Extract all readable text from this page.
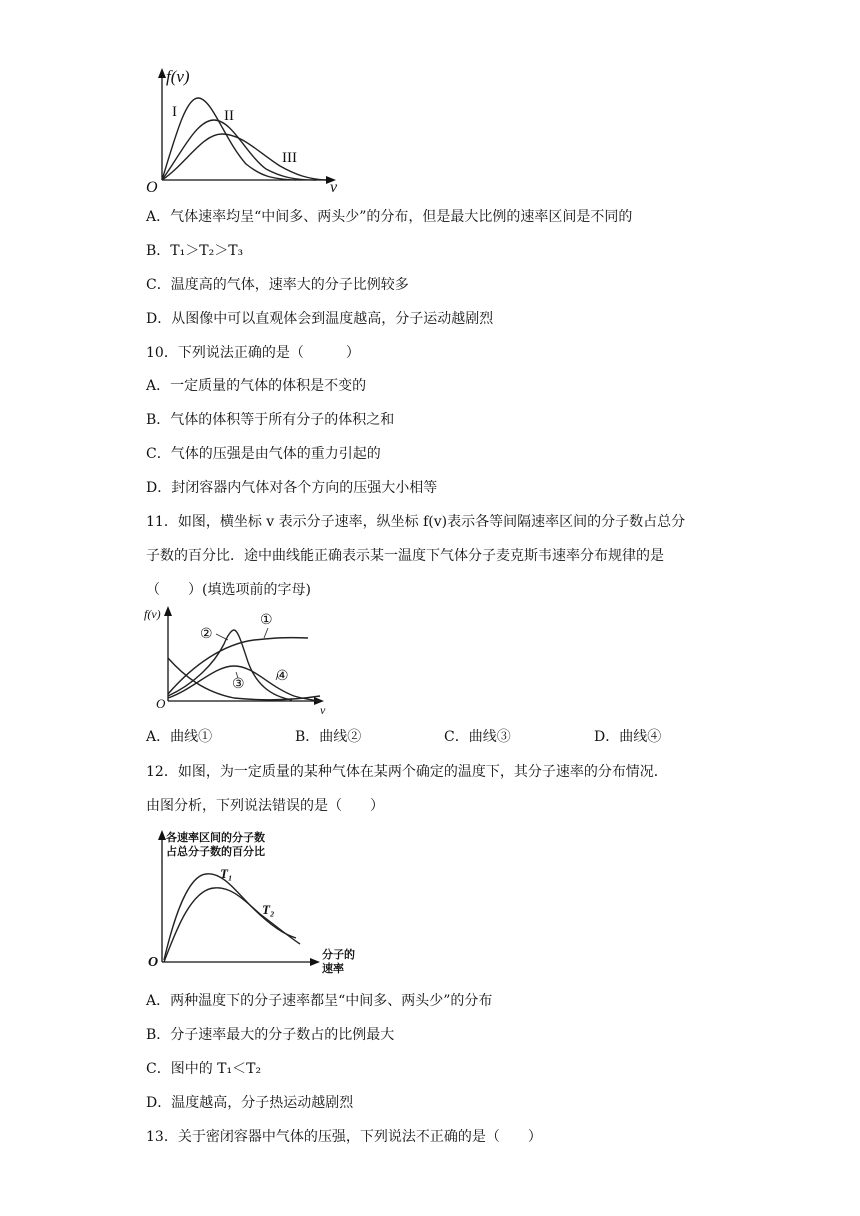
f(v)
v
O
I	II
III
A．气体速率均呈“中间多、两头少”的分布，但是最大比例的速率区间是不同的
B．T₁＞T₂＞T₃
C．温度高的气体，速率大的分子比例较多
D．从图像中可以直观体会到温度越高，分子运动越剧烈
10．下列说法正确的是（　　　）
A．一定质量的气体的体积是不变的
B．气体的体积等于所有分子的体积之和
C．气体的压强是由气体的重力引起的
D．封闭容器内气体对各个方向的压强大小相等
11．如图，横坐标 v 表示分子速率，纵坐标 f(v)表示各等间隔速率区间的分子数占总分
子数的百分比．途中曲线能正确表示某一温度下气体分子麦克斯韦速率分布规律的是
（　　）(填选项前的字母)
f(v)
v
O
①
②
③
④
A．曲线①	B．曲线②	C．曲线③	D．曲线④
12．如图，为一定质量的某种气体在某两个确定的温度下，其分子速率的分布情况．
由图分析，下列说法错误的是（　　）
各速率区间的分子数
占总分子数的百分比
分子的
速率
O
T₁
T₂
A．两种温度下的分子速率都呈“中间多、两头少”的分布
B．分子速率最大的分子数占的比例最大
C．图中的 T₁＜T₂
D．温度越高，分子热运动越剧烈
13．关于密闭容器中气体的压强，下列说法不正确的是（　　）
